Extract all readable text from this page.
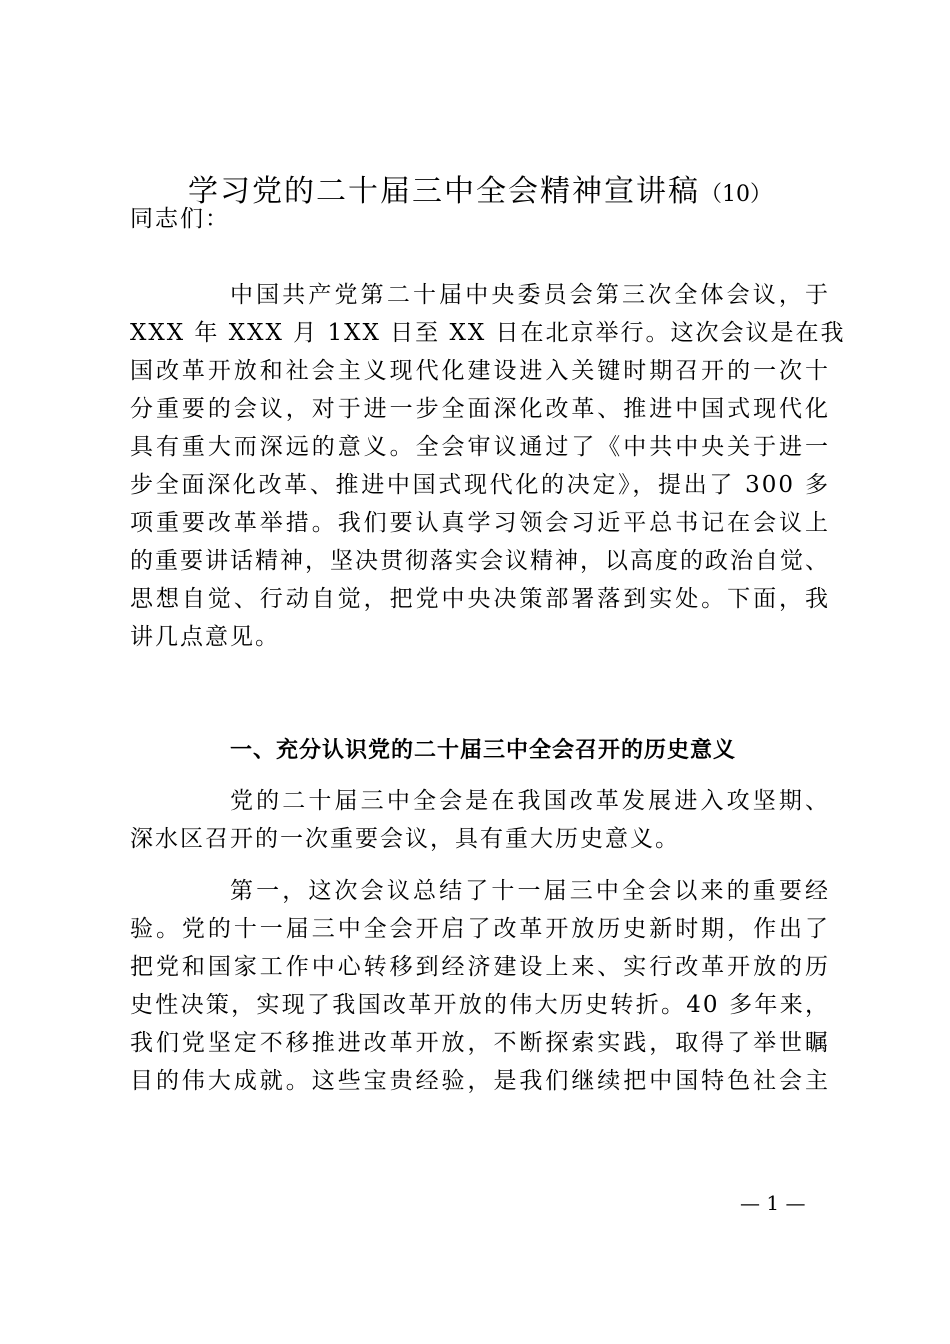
学习党的二十届三中全会精神宣讲稿（10）
同志们：
中国共产党第二十届中央委员会第三次全体会议，于
XXX 年 XXX 月 1XX 日至 XX 日在北京举行。这次会议是在我
国改革开放和社会主义现代化建设进入关键时期召开的一次十
分重要的会议，对于进一步全面深化改革、推进中国式现代化
具有重大而深远的意义。全会审议通过了《中共中央关于进一
步全面深化改革、推进中国式现代化的决定》，提出了 300 多
项重要改革举措。我们要认真学习领会习近平总书记在会议上
的重要讲话精神，坚决贯彻落实会议精神，以高度的政治自觉、
思想自觉、行动自觉，把党中央决策部署落到实处。下面，我
讲几点意见。
一、充分认识党的二十届三中全会召开的历史意义
党的二十届三中全会是在我国改革发展进入攻坚期、
深水区召开的一次重要会议，具有重大历史意义。
第一，这次会议总结了十一届三中全会以来的重要经
验。党的十一届三中全会开启了改革开放历史新时期，作出了
把党和国家工作中心转移到经济建设上来、实行改革开放的历
史性决策，实现了我国改革开放的伟大历史转折。40 多年来，
我们党坚定不移推进改革开放，不断探索实践，取得了举世瞩
目的伟大成就。这些宝贵经验，是我们继续把中国特色社会主
— 1 —
